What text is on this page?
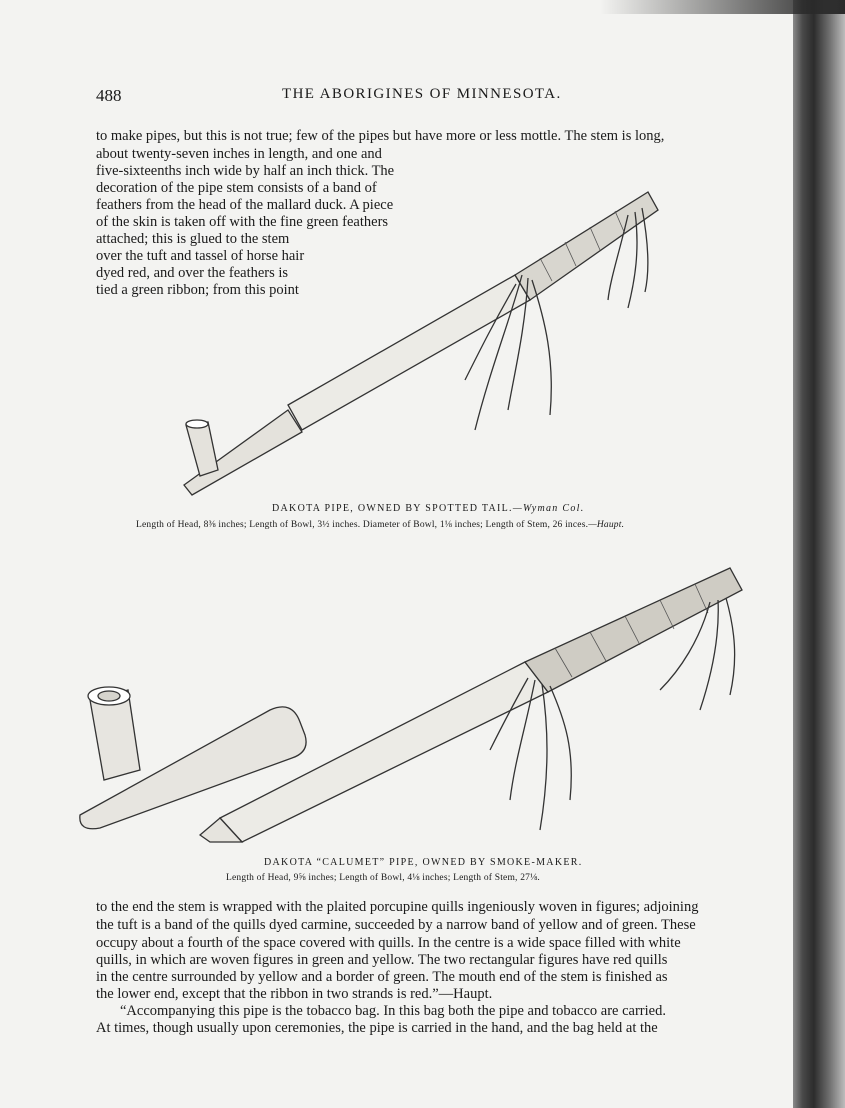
488	THE ABORIGINES OF MINNESOTA.
to make pipes, but this is not true; few of the pipes but have more or less mottle. The stem is long,
about twenty-seven inches in length, and one and
five-sixteenths inch wide by half an inch thick. The
decoration of the pipe stem consists of a band of
feathers from the head of the mallard duck. A piece
of the skin is taken off with the fine green feathers
attached; this is glued to the stem
over the tuft and tassel of horse hair
dyed red, and over the feathers is
tied a green ribbon; from this point
DAKOTA PIPE, OWNED BY SPOTTED TAIL.—Wyman Col.
Length of Head, 8⅜ inches; Length of Bowl, 3½ inches. Diameter of Bowl, 1⅛ inches; Length of Stem, 26 inces.—Haupt.
DAKOTA “CALUMET” PIPE, OWNED BY SMOKE-MAKER.
Length of Head, 9⅝ inches; Length of Bowl, 4⅛ inches; Length of Stem, 27⅛.
to the end the stem is wrapped with the plaited porcupine quills ingeniously woven in figures; adjoining
the tuft is a band of the quills dyed carmine, succeeded by a narrow band of yellow and of green. These
occupy about a fourth of the space covered with quills. In the centre is a wide space filled with white
quills, in which are woven figures in green and yellow. The two rectangular figures have red quills
in the centre surrounded by yellow and a border of green. The mouth end of the stem is finished as
the lower end, except that the ribbon in two strands is red.”—Haupt.
“Accompanying this pipe is the tobacco bag. In this bag both the pipe and tobacco are carried.
At times, though usually upon ceremonies, the pipe is carried in the hand, and the bag held at the
